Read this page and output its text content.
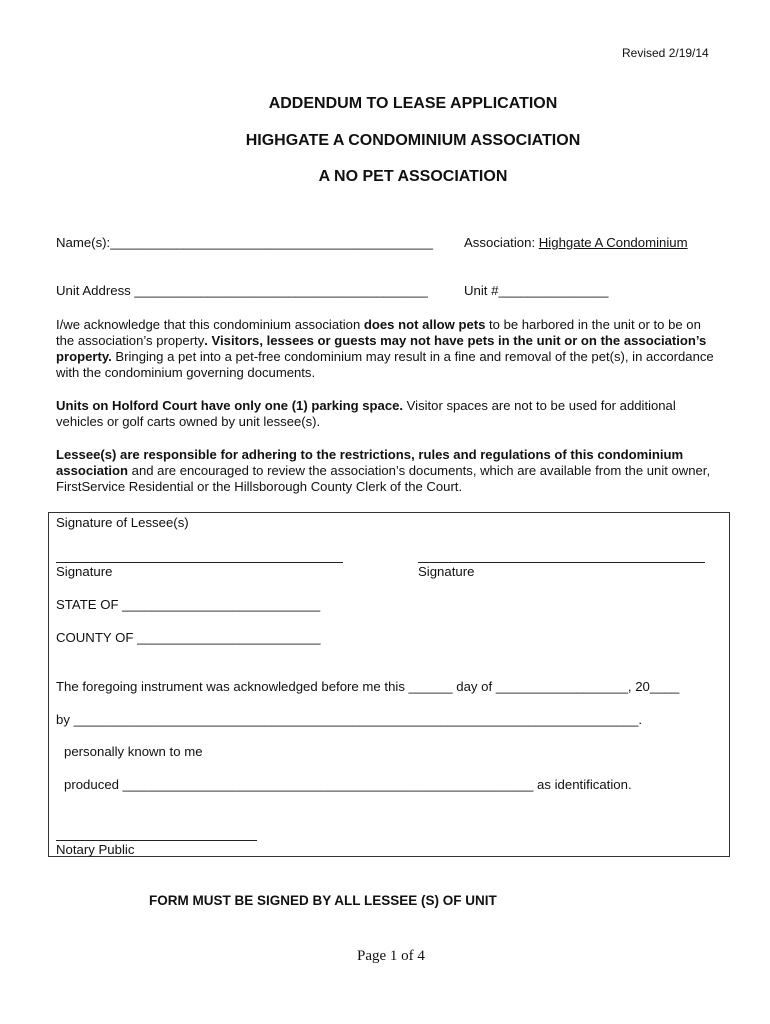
Revised 2/19/14
ADDENDUM TO LEASE APPLICATION
HIGHGATE A CONDOMINIUM ASSOCIATION
A NO PET ASSOCIATION
Name(s):____________________________________________ Association: Highgate A Condominium
Unit Address ________________________________________	Unit #_______________
I/we acknowledge that this condominium association does not allow pets to be harbored in the unit or to be on the association’s property. Visitors, lessees or guests may not have pets in the unit or on the association’s property. Bringing a pet into a pet-free condominium may result in a fine and removal of the pet(s), in accordance with the condominium governing documents.
Units on Holford Court have only one (1) parking space. Visitor spaces are not to be used for additional vehicles or golf carts owned by unit lessee(s).
Lessee(s) are responsible for adhering to the restrictions, rules and regulations of this condominium association and are encouraged to review the association’s documents, which are available from the unit owner, FirstService Residential or the Hillsborough County Clerk of the Court.
Signature of Lessee(s)
Signature	Signature
STATE OF ___________________________
COUNTY OF _________________________
The foregoing instrument was acknowledged before me this ______ day of __________________, 20____
by _____________________________________________________________________________.
personally known to me
produced ________________________________________________________ as identification.
Notary Public
FORM MUST BE SIGNED BY ALL LESSEE (S) OF UNIT
Page 1 of 4
